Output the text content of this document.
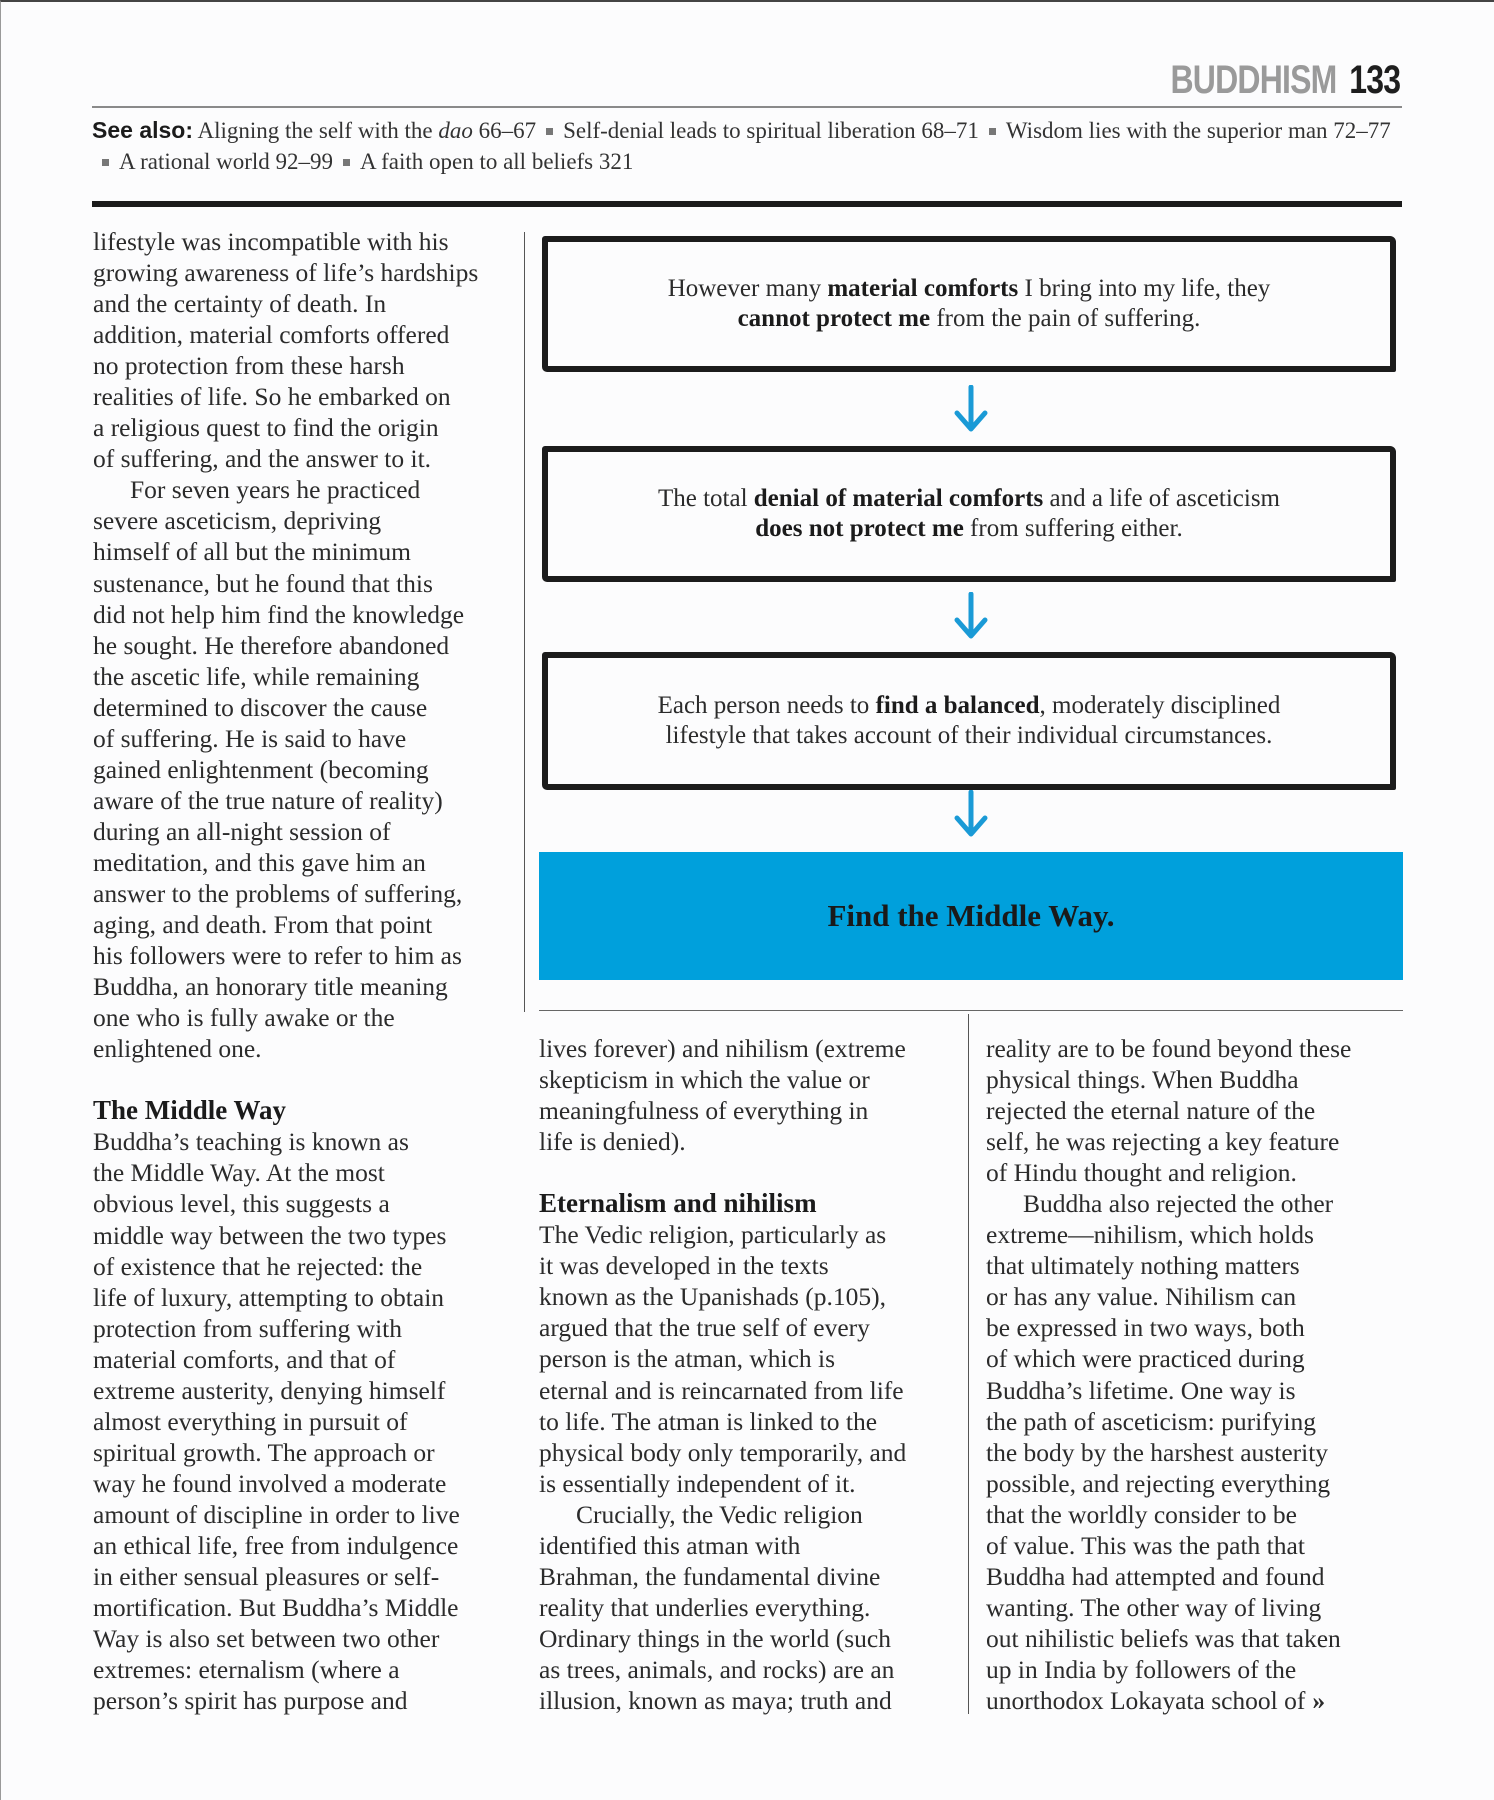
BUDDHISM 133
See also: Aligning the self with the dao 66–67 Self-denial leads to spiritual liberation 68–71 Wisdom lies with the superior man 72–77A rational world 92–99 A faith open to all beliefs 321
lifestyle was incompatible with his
growing awareness of life’s hardships
and the certainty of death. In
addition, material comforts offered
no protection from these harsh
realities of life. So he embarked on
a religious quest to find the origin
of suffering, and the answer to it.
For seven years he practiced
severe asceticism, depriving
himself of all but the minimum
sustenance, but he found that this
did not help him find the knowledge
he sought. He therefore abandoned
the ascetic life, while remaining
determined to discover the cause
of suffering. He is said to have
gained enlightenment (becoming
aware of the true nature of reality)
during an all-night session of
meditation, and this gave him an
answer to the problems of suffering,
aging, and death. From that point
his followers were to refer to him as
Buddha, an honorary title meaning
one who is fully awake or the
enlightened one.
The Middle Way
Buddha’s teaching is known as
the Middle Way. At the most
obvious level, this suggests a
middle way between the two types
of existence that he rejected: the
life of luxury, attempting to obtain
protection from suffering with
material comforts, and that of
extreme austerity, denying himself
almost everything in pursuit of
spiritual growth. The approach or
way he found involved a moderate
amount of discipline in order to live
an ethical life, free from indulgence
in either sensual pleasures or self-
mortification. But Buddha’s Middle
Way is also set between two other
extremes: eternalism (where a
person’s spirit has purpose and
However many material comforts I bring into my life, they
cannot protect me from the pain of suffering.
The total denial of material comforts and a life of asceticism
does not protect me from suffering either.
Each person needs to find a balanced, moderately disciplined
lifestyle that takes account of their individual circumstances.
Find the Middle Way.
lives forever) and nihilism (extreme
skepticism in which the value or
meaningfulness of everything in
life is denied).
Eternalism and nihilism
The Vedic religion, particularly as
it was developed in the texts
known as the Upanishads (p.105),
argued that the true self of every
person is the atman, which is
eternal and is reincarnated from life
to life. The atman is linked to the
physical body only temporarily, and
is essentially independent of it.
Crucially, the Vedic religion
identified this atman with
Brahman, the fundamental divine
reality that underlies everything.
Ordinary things in the world (such
as trees, animals, and rocks) are an
illusion, known as maya; truth and
reality are to be found beyond these
physical things. When Buddha
rejected the eternal nature of the
self, he was rejecting a key feature
of Hindu thought and religion.
Buddha also rejected the other
extreme—nihilism, which holds
that ultimately nothing matters
or has any value. Nihilism can
be expressed in two ways, both
of which were practiced during
Buddha’s lifetime. One way is
the path of asceticism: purifying
the body by the harshest austerity
possible, and rejecting everything
that the worldly consider to be
of value. This was the path that
Buddha had attempted and found
wanting. The other way of living
out nihilistic beliefs was that taken
up in India by followers of the
unorthodox Lokayata school of »
